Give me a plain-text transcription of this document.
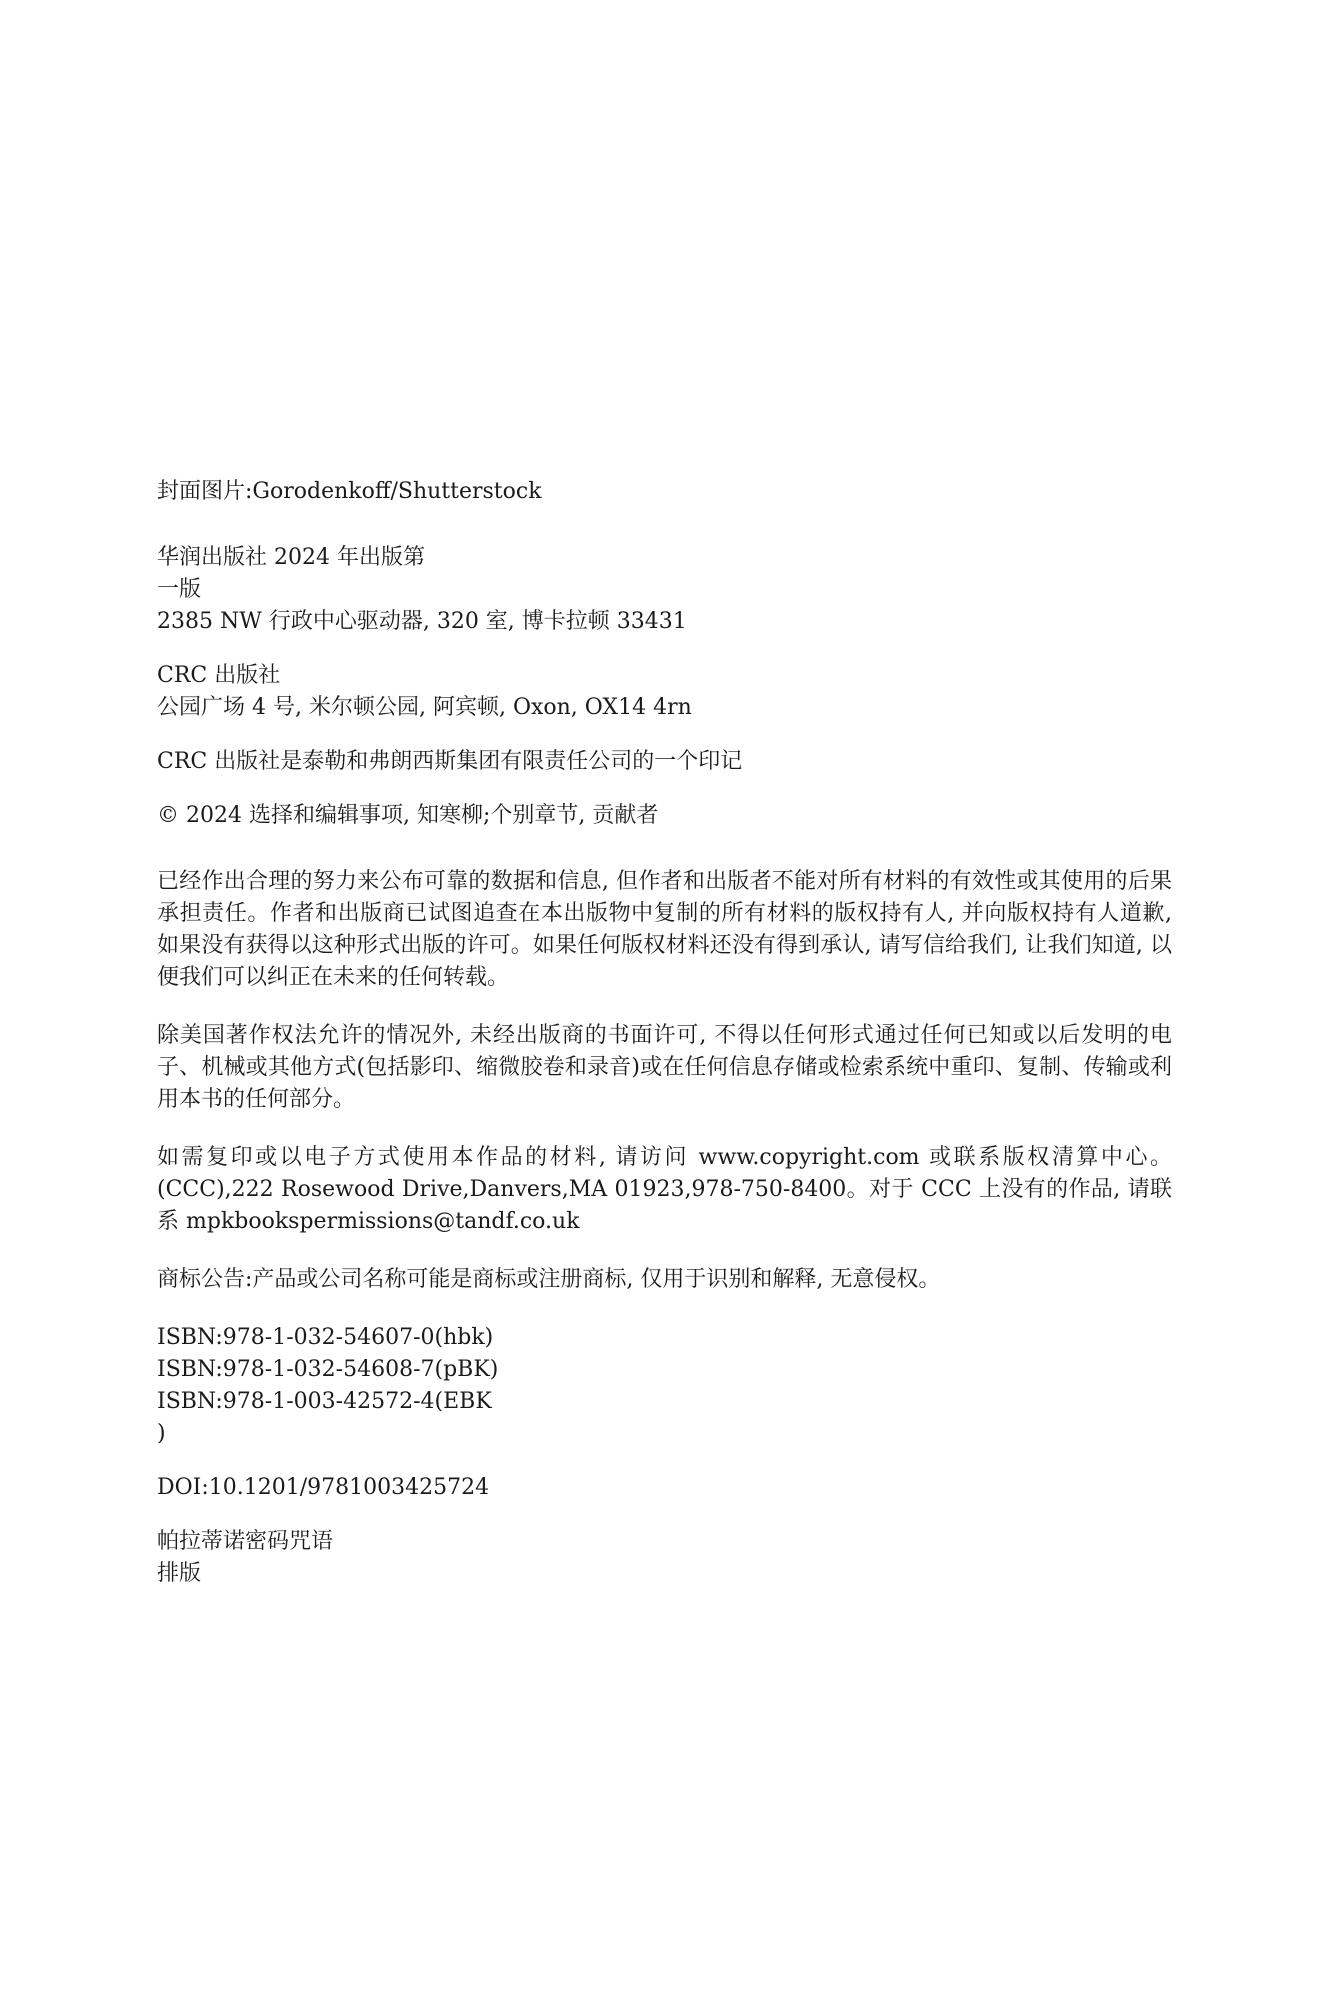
封面图片:Gorodenkoff/Shutterstock

华润出版社 2024 年出版第

一版

2385 NW 行政中心驱动器, 320 室, 博卡拉顿 33431

CRC 出版社

公园广场 4 号, 米尔顿公园, 阿宾顿, Oxon, OX14 4rn

CRC 出版社是泰勒和弗朗西斯集团有限责任公司的一个印记

© 2024 选择和编辑事项, 知寒柳;个别章节, 贡献者

已经作出合理的努力来公布可靠的数据和信息, 但作者和出版者不能对所有材料的有效性或其使用的后果承担责任。作者和出版商已试图追查在本出版物中复制的所有材料的版权持有人, 并向版权持有人道歉, 如果没有获得以这种形式出版的许可。如果任何版权材料还没有得到承认, 请写信给我们, 让我们知道, 以便我们可以纠正在未来的任何转载。

除美国著作权法允许的情况外, 未经出版商的书面许可, 不得以任何形式通过任何已知或以后发明的电子、机械或其他方式(包括影印、缩微胶卷和录音)或在任何信息存储或检索系统中重印、复制、传输或利用本书的任何部分。

如需复印或以电子方式使用本作品的材料, 请访问 www.copyright.com 或联系版权清算中心。(CCC),222 Rosewood Drive,Danvers,MA 01923,978-750-8400。对于 CCC 上没有的作品, 请联系 mpkbookspermissions@tandf.co.uk

商标公告:产品或公司名称可能是商标或注册商标, 仅用于识别和解释, 无意侵权。

ISBN:978-1-032-54607-0(hbk)

ISBN:978-1-032-54608-7(pBK)

ISBN:978-1-003-42572-4(EBK

)

DOI:10.1201/9781003425724

帕拉蒂诺密码咒语

排版
